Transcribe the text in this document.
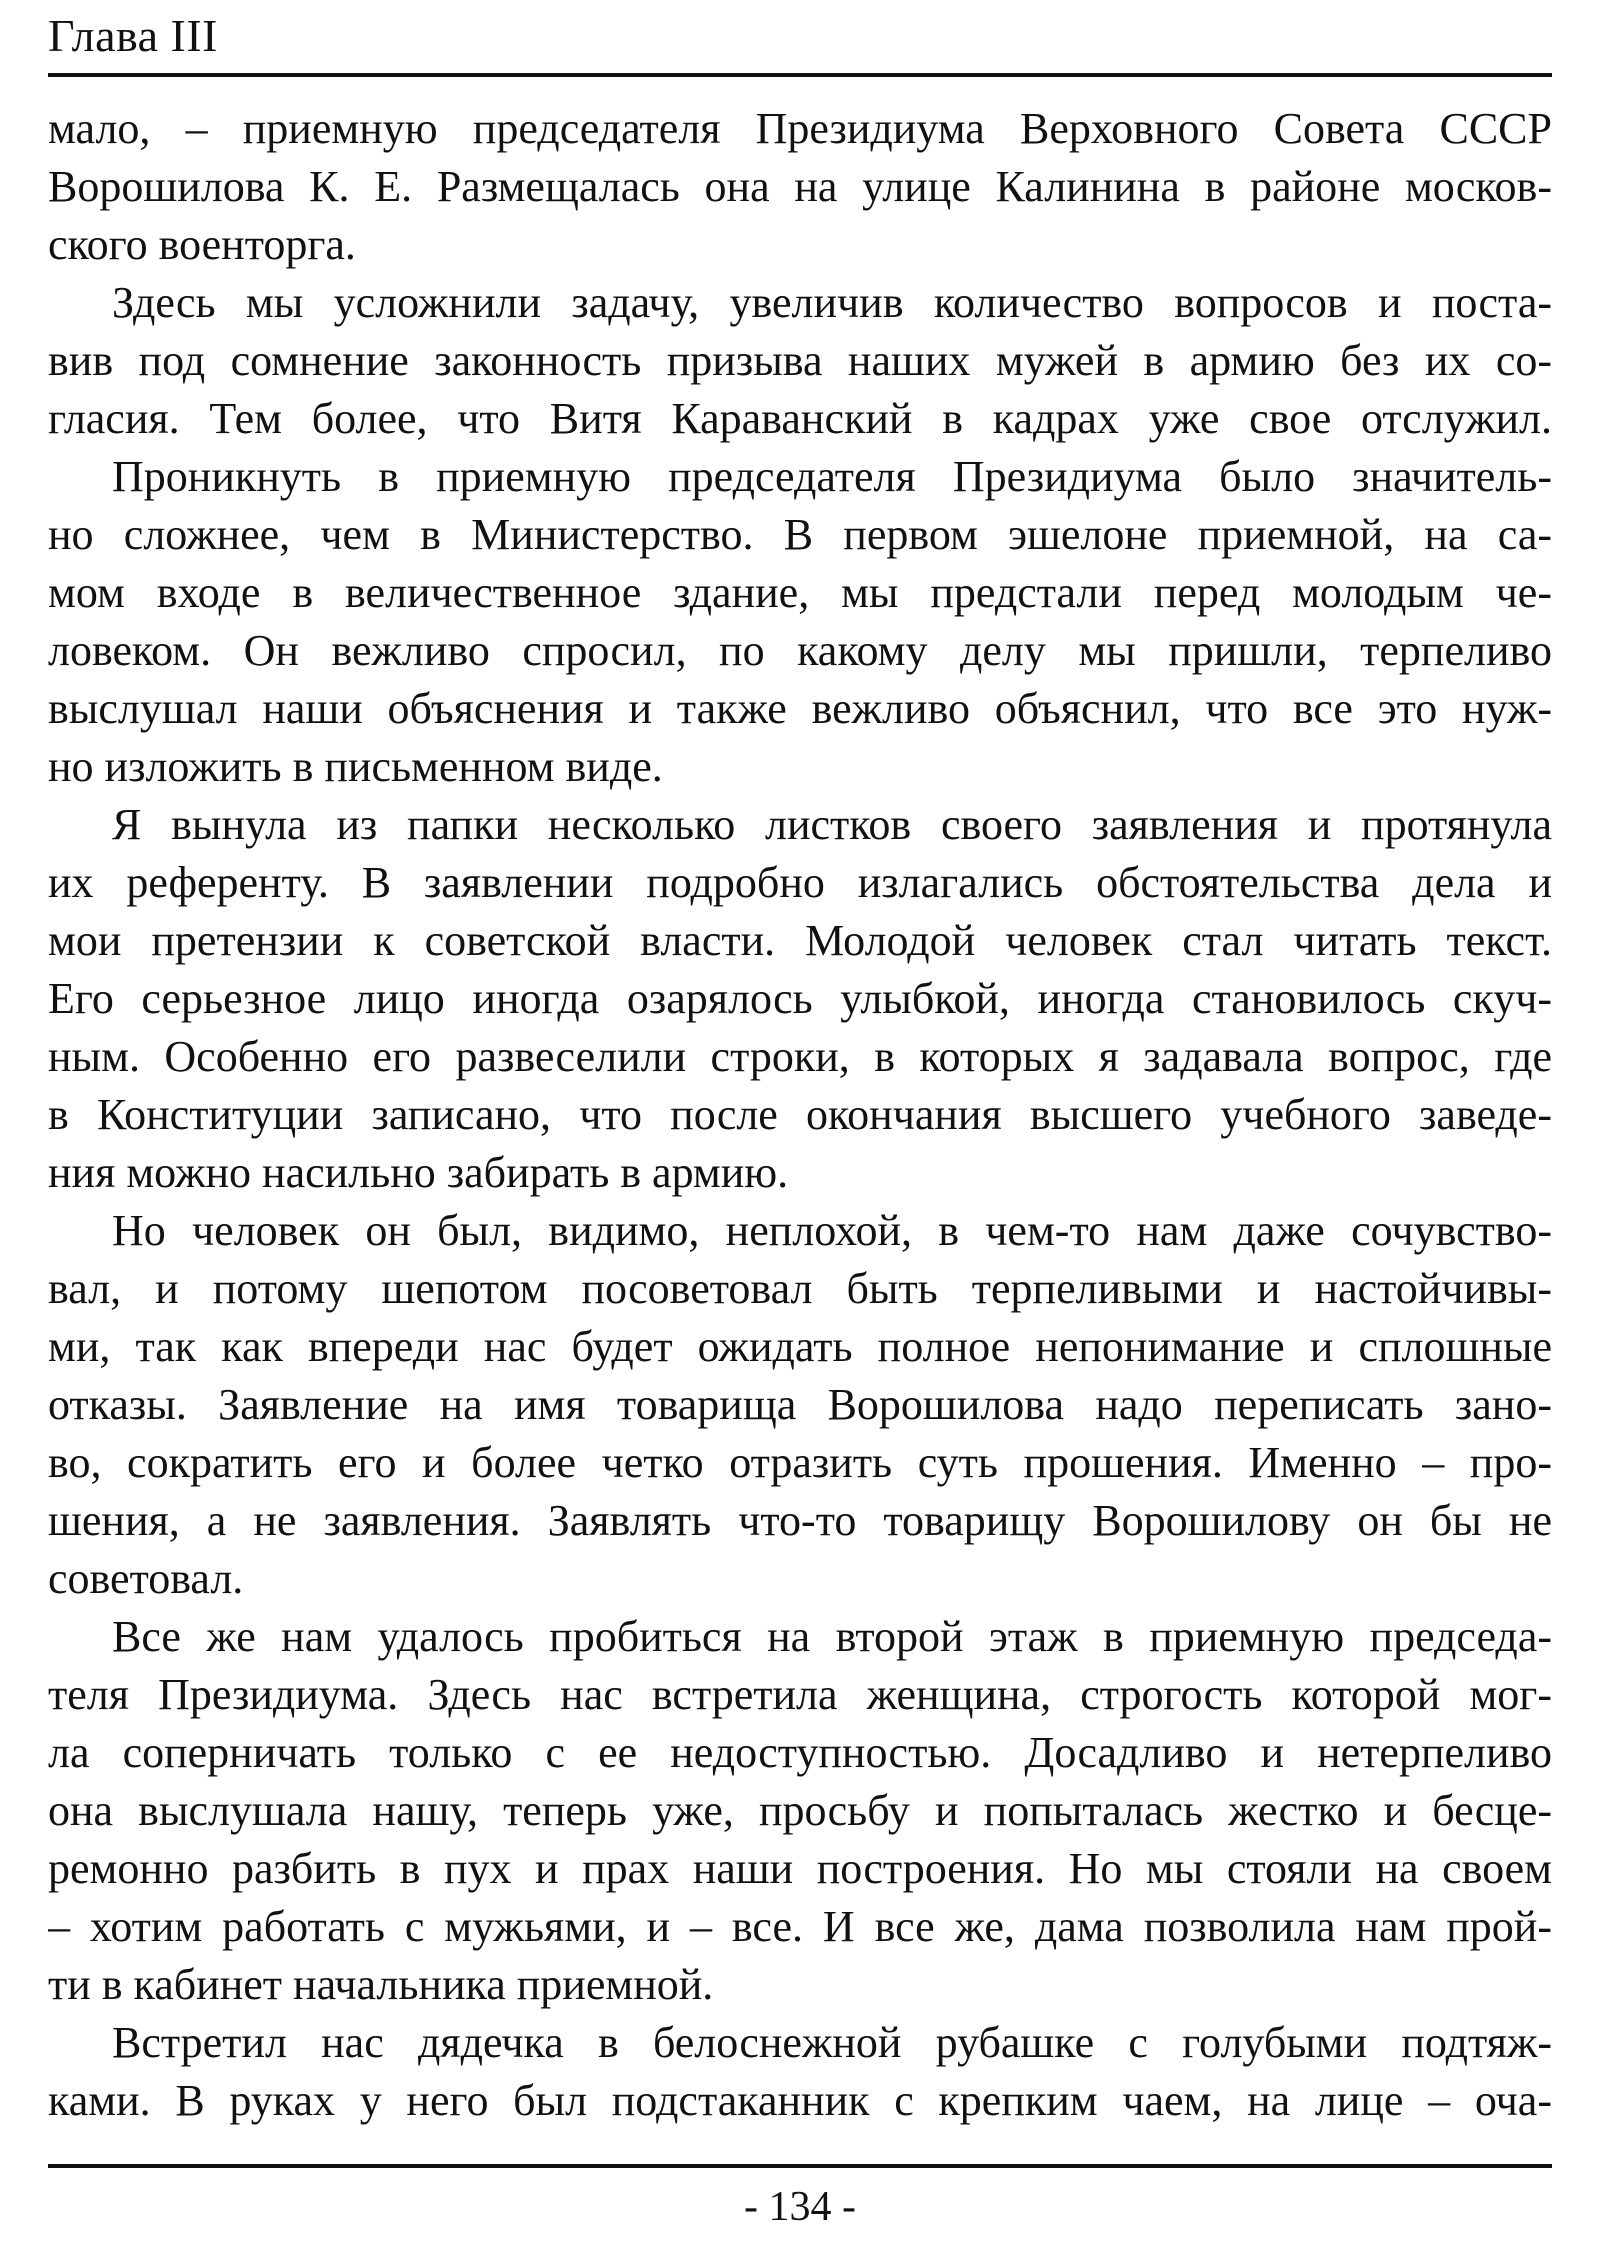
Глава III
мало, – приемную председателя Президиума Верховного Совета СССР
Ворошилова К. Е. Размещалась она на улице Калинина в районе москов-
ского военторга.
Здесь мы усложнили задачу, увеличив количество вопросов и поста-
вив под сомнение законность призыва наших мужей в армию без их со-
гласия. Тем более, что Витя Караванский в кадрах уже свое отслужил.
Проникнуть в приемную председателя Президиума было значитель-
но сложнее, чем в Министерство. В первом эшелоне приемной, на са-
мом входе в величественное здание, мы предстали перед молодым че-
ловеком. Он вежливо спросил, по какому делу мы пришли, терпеливо
выслушал наши объяснения и также вежливо объяснил, что все это нуж-
но изложить в письменном виде.
Я вынула из папки несколько листков своего заявления и протянула
их референту. В заявлении подробно излагались обстоятельства дела и
мои претензии к советской власти. Молодой человек стал читать текст.
Его серьезное лицо иногда озарялось улыбкой, иногда становилось скуч-
ным. Особенно его развеселили строки, в которых я задавала вопрос, где
в Конституции записано, что после окончания высшего учебного заведе-
ния можно насильно забирать в армию.
Но человек он был, видимо, неплохой, в чем-то нам даже сочувство-
вал, и потому шепотом посоветовал быть терпеливыми и настойчивы-
ми, так как впереди нас будет ожидать полное непонимание и сплошные
отказы. Заявление на имя товарища Ворошилова надо переписать зано-
во, сократить его и более четко отразить суть прошения. Именно – про-
шения, а не заявления. Заявлять что-то товарищу Ворошилову он бы не
советовал.
Все же нам удалось пробиться на второй этаж в приемную председа-
теля Президиума. Здесь нас встретила женщина, строгость которой мог-
ла соперничать только с ее недоступностью. Досадливо и нетерпеливо
она выслушала нашу, теперь уже, просьбу и попыталась жестко и бесце-
ремонно разбить в пух и прах наши построения. Но мы стояли на своем
– хотим работать с мужьями, и – все. И все же, дама позволила нам прой-
ти в кабинет начальника приемной.
Встретил нас дядечка в белоснежной рубашке с голубыми подтяж-
ками. В руках у него был подстаканник с крепким чаем, на лице – оча-
- 134 -
